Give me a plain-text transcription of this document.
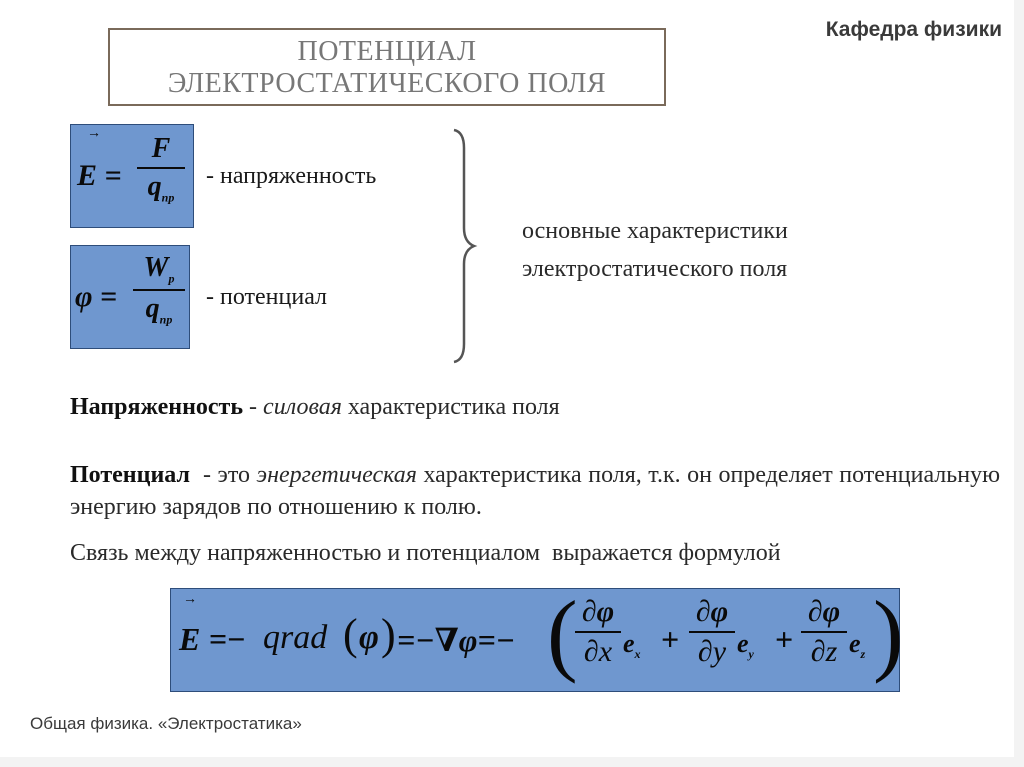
Кафедра физики
ПОТЕНЦИАЛ
ЭЛЕКТРОСТАТИЧЕСКОГО ПОЛЯ
→
E =
F
$q_{пр}$
- напряженность
φ =
$W_p$
$q_{пр}$
- потенциал
основные характеристики
электростатического поля
Напряженность - силовая характеристика поля
Потенциал  - это энергетическая характеристика поля, т.к. он определяет потенциальную энергию зарядов по отношению к полю.
Связь между напряженностью и потенциалом  выражается формулой
→
E =− qrad ( φ ) =−∇φ=− ( ∂φ
∂x $e_x$ +
∂φ
∂y $e_y$ +
∂φ
∂z $e_z$ )
Общая физика. «Электростатика»
